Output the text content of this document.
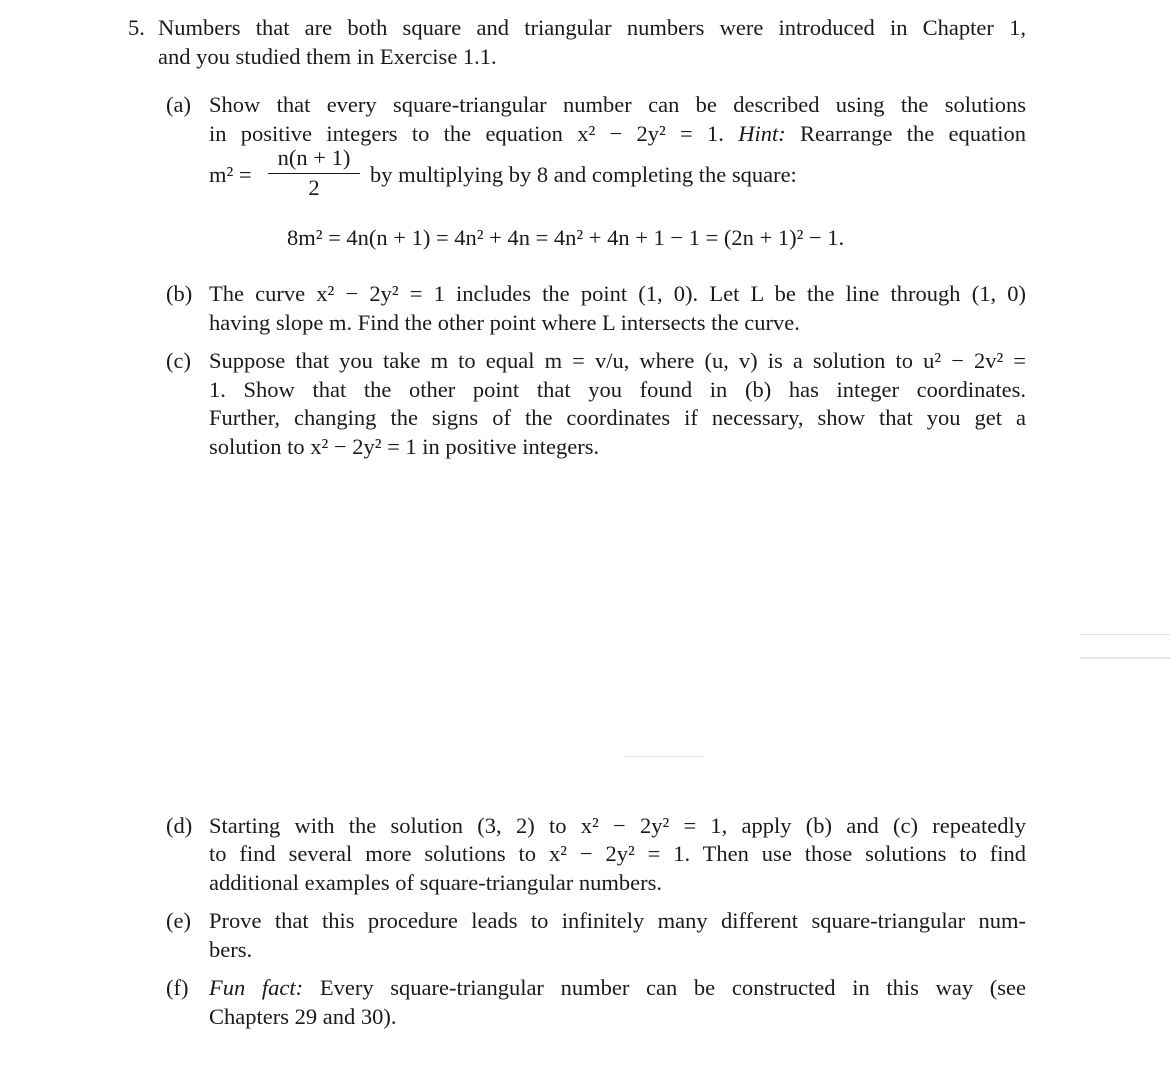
5. Numbers that are both square and triangular numbers were introduced in Chapter 1,
and you studied them in Exercise 1.1.
(a) Show that every square-triangular number can be described using the solutions
in positive integers to the equation x² − 2y² = 1. Hint: Rearrange the equation
m² =
n(n + 1)
2
by multiplying by 8 and completing the square:
8m² = 4n(n + 1) = 4n² + 4n = 4n² + 4n + 1 − 1 = (2n + 1)² − 1.
(b) The curve x² − 2y² = 1 includes the point (1, 0). Let L be the line through (1, 0)
having slope m. Find the other point where L intersects the curve.
(c) Suppose that you take m to equal m = v/u, where (u, v) is a solution to u² − 2v² =
1. Show that the other point that you found in (b) has integer coordinates.
Further, changing the signs of the coordinates if necessary, show that you get a
solution to x² − 2y² = 1 in positive integers.
(d) Starting with the solution (3, 2) to x² − 2y² = 1, apply (b) and (c) repeatedly
to find several more solutions to x² − 2y² = 1. Then use those solutions to find
additional examples of square-triangular numbers.
(e) Prove that this procedure leads to infinitely many different square-triangular num-
bers.
(f) Fun fact: Every square-triangular number can be constructed in this way (see
Chapters 29 and 30).
